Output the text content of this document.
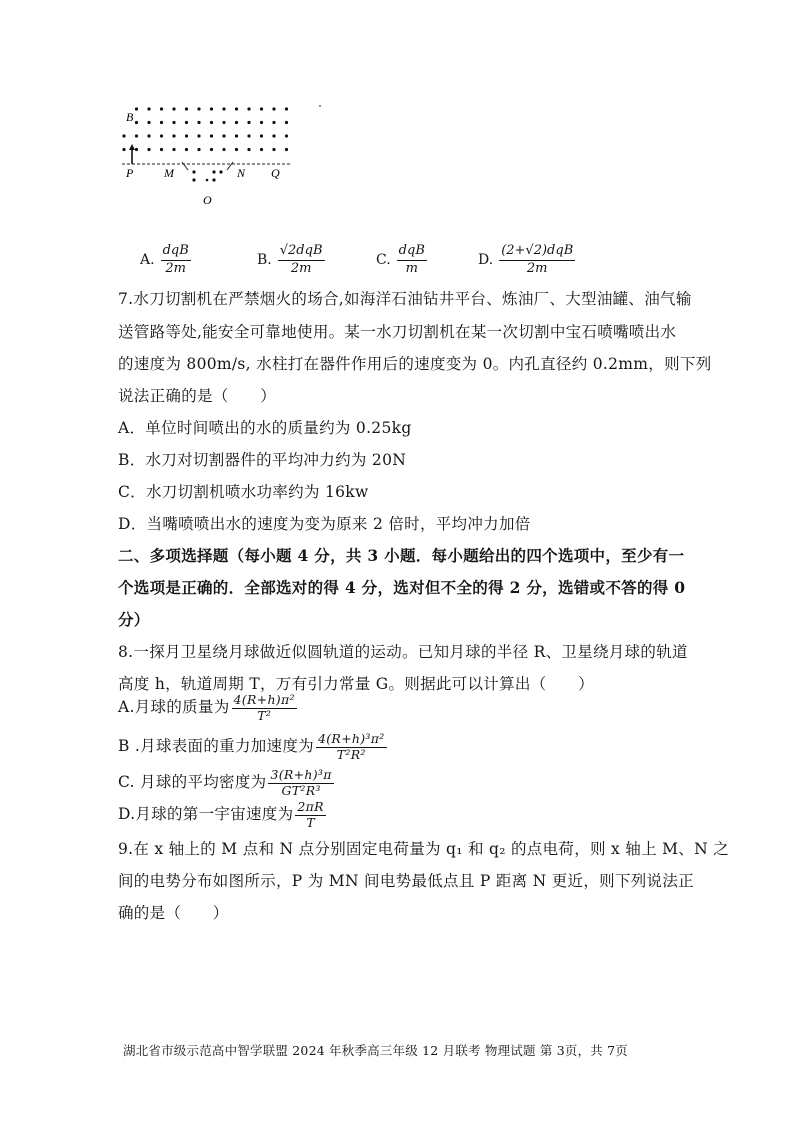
B
P	M	N Q
O
A. $\frac{\text{dqB}}{2m}$	B. $\frac{\text{√2dqB}}{2m}$	C. $\frac{\text{dqB}}{m}$	D. $\frac{\text{(2+√2)dqB}}{2m}$
7.水刀切割机在严禁烟火的场合,如海洋石油钻井平台、炼油厂、大型油罐、油气输
送管路等处,能安全可靠地使用。某一水刀切割机在某一次切割中宝石喷嘴喷出水
的速度为 800m/s, 水柱打在器件作用后的速度变为 0。内孔直径约 0.2mm，则下列
说法正确的是（　　）
A．单位时间喷出的水的质量约为 0.25kg
B．水刀对切割器件的平均冲力约为 20N
C．水刀切割机喷水功率约为 16kw
D．当嘴喷喷出水的速度为变为原来 2 倍时，平均冲力加倍
二、多项选择题（每小题 4 分，共 3 小题．每小题给出的四个选项中，至少有一
个选项是正确的．全部选对的得 4 分，选对但不全的得 2 分，选错或不答的得 0
分）
8.一探月卫星绕月球做近似圆轨道的运动。已知月球的半径 R、卫星绕月球的轨道
高度 h，轨道周期 T，万有引力常量 G。则据此可以计算出（　　）
A.月球的质量为 $\frac{\text{4(R+h)π²}}{\text{T²}}$
B .月球表面的重力加速度为 $\frac{\text{4(R+h)³π²}}{\text{T²R²}}$
C. 月球的平均密度为 $\frac{\text{3(R+h)³π}}{\text{GT²R³}}$
D.月球的第一宇宙速度为 $\frac{2\pi R}{T}$
9.在 x 轴上的 M 点和 N 点分别固定电荷量为 q₁ 和 q₂ 的点电荷，则 x 轴上 M、N 之
间的电势分布如图所示，P 为 MN 间电势最低点且 P 距离 N 更近，则下列说法正
确的是（　　）
湖北省市级示范高中智学联盟 2024 年秋季高三年级 12 月联考 物理试题 第 3页，共 7页
